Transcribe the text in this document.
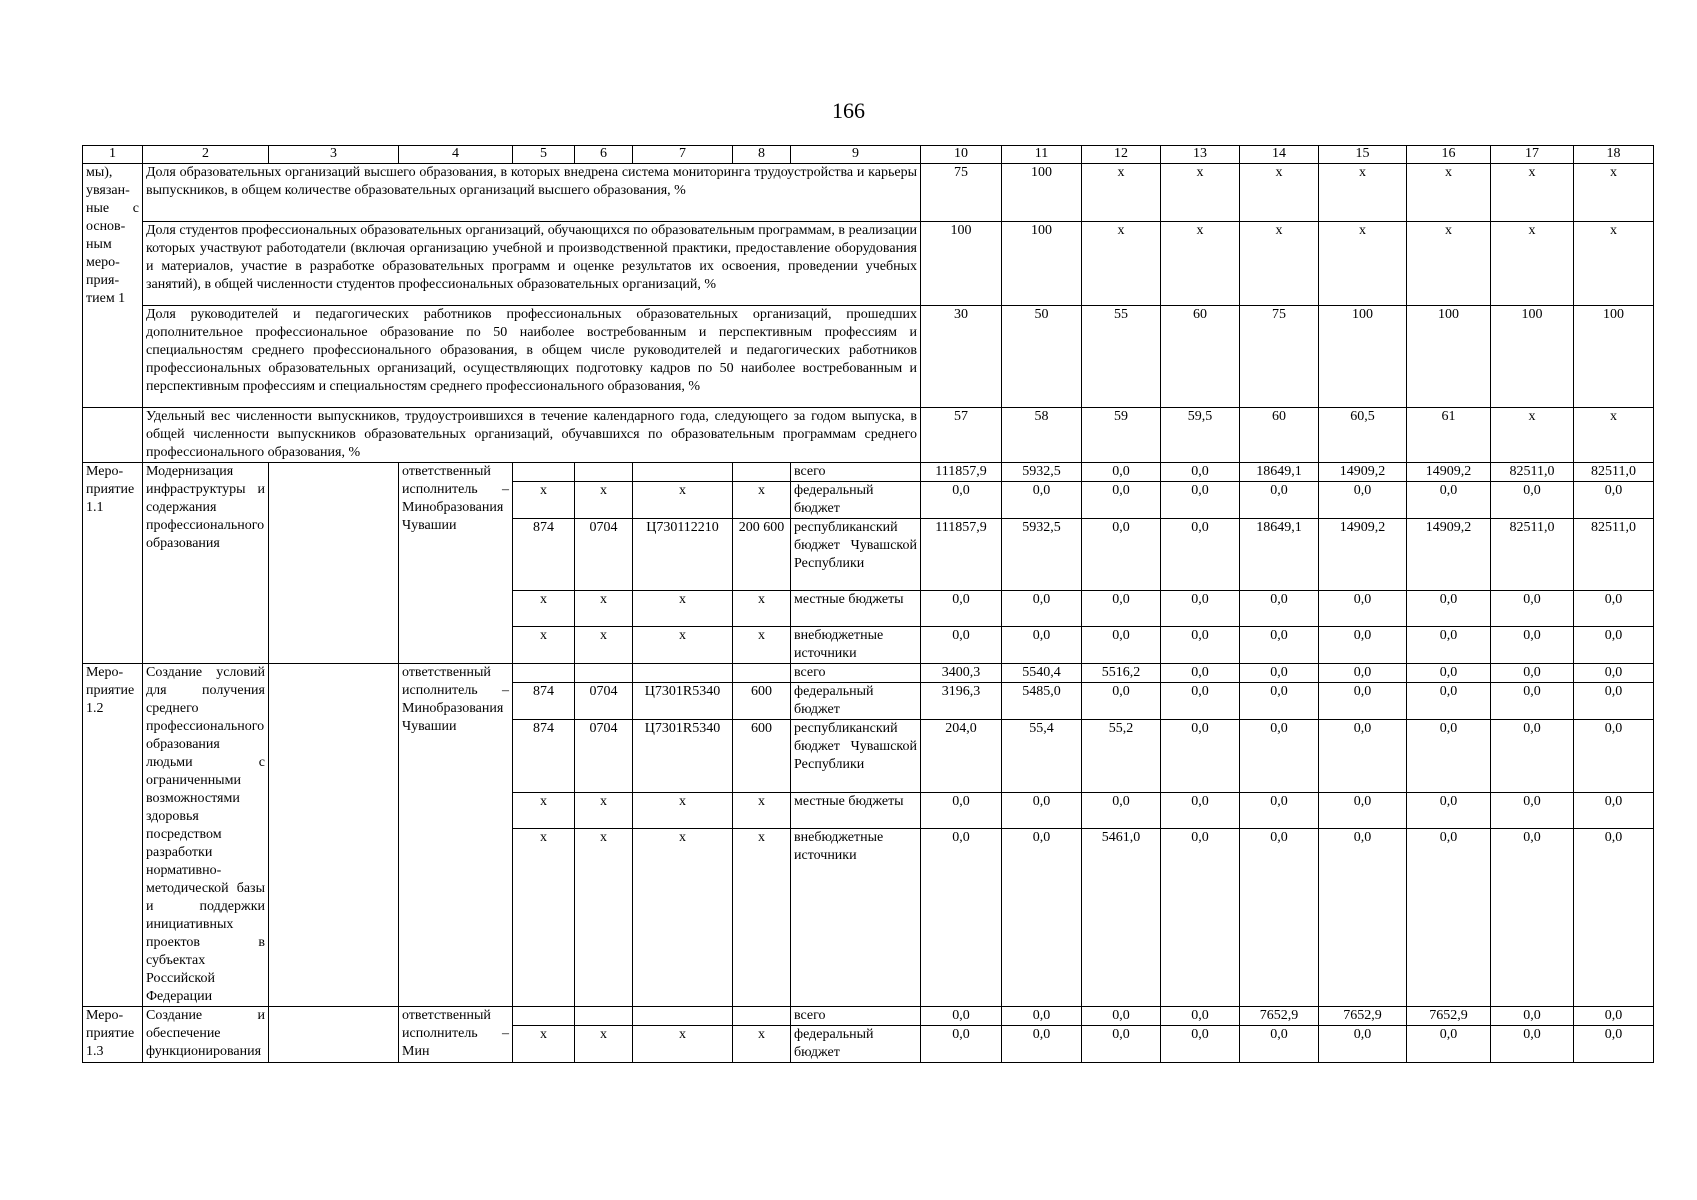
166
1	2	3	4	5	6	7	8	9	10	11	12	13	14	15	16	17	18
мы), увязанные с основным мероприятием 1	Доля образовательных организаций высшего образования, в которых внедрена система мониторинга трудоустройства и карьеры выпускников, в общем количестве образовательных организаций высшего образования, %								75	100	x	x	x	x	x	x	x
	Доля студентов профессиональных образовательных организаций, обучающихся по образовательным программам, в реализации которых участвуют работодатели (включая организацию учебной и производственной практики, предоставление оборудования и материалов, участие в разработке образовательных программ и оценке результатов их освоения, проведении учебных занятий), в общей численности студентов профессиональных образовательных организаций, %								100	100	x	x	x	x	x	x	x
	Доля руководителей и педагогических работников профессиональных образовательных организаций, прошедших дополнительное профессиональное образование по 50 наиболее востребованным и перспективным профессиям и специальностям среднего профессионального образования, в общем числе руководителей и педагогических работников профессиональных образовательных организаций, осуществляющих подготовку кадров по 50 наиболее востребованным и перспективным профессиям и специальностям среднего профессионального образования, %								30	50	55	60	75	100	100	100	100
	Удельный вес численности выпускников, трудоустроившихся в течение календарного года, следующего за годом выпуска, в общей численности выпускников образовательных организаций, обучавшихся по образовательным программам среднего профессионального образования, %								57	58	59	59,5	60	60,5	61	x	x
Мероприятие 1.1	Модернизация инфраструктуры и содержания профессионального образования		ответственный исполнитель – Минобразования Чувашии					всего	111857,9	5932,5	0,0	0,0	18649,1	14909,2	14909,2	82511,0	82511,0
				x	x	x	x	федеральный бюджет	0,0	0,0	0,0	0,0	0,0	0,0	0,0	0,0	0,0
				874	0704	Ц730112210	200 600	республиканский бюджет Чувашской Республики	111857,9	5932,5	0,0	0,0	18649,1	14909,2	14909,2	82511,0	82511,0
				x	x	x	x	местные бюджеты	0,0	0,0	0,0	0,0	0,0	0,0	0,0	0,0	0,0
				x	x	x	x	внебюджетные источники	0,0	0,0	0,0	0,0	0,0	0,0	0,0	0,0	0,0
Мероприятие 1.2	Создание условий для получения среднего профессионального образования людьми с ограниченными возможностями здоровья посредством разработки нормативно-методической базы и поддержки инициативных проектов в субъектах Российской Федерации		ответственный исполнитель – Минобразования Чувашии					всего	3400,3	5540,4	5516,2	0,0	0,0	0,0	0,0	0,0	0,0
				874	0704	Ц7301R5340	600	федеральный бюджет	3196,3	5485,0	0,0	0,0	0,0	0,0	0,0	0,0	0,0
				874	0704	Ц7301R5340	600	республиканский бюджет Чувашской Республики	204,0	55,4	55,2	0,0	0,0	0,0	0,0	0,0	0,0
				x	x	x	x	местные бюджеты	0,0	0,0	0,0	0,0	0,0	0,0	0,0	0,0	0,0
				x	x	x	x	внебюджетные источники	0,0	0,0	5461,0	0,0	0,0	0,0	0,0	0,0	0,0
Мероприятие 1.3	Создание и обеспечение функционирования		ответственный исполнитель – Мин					всего	0,0	0,0	0,0	0,0	7652,9	7652,9	7652,9	0,0	0,0
				x	x	x	x	федеральный бюджет	0,0	0,0	0,0	0,0	0,0	0,0	0,0	0,0	0,0
